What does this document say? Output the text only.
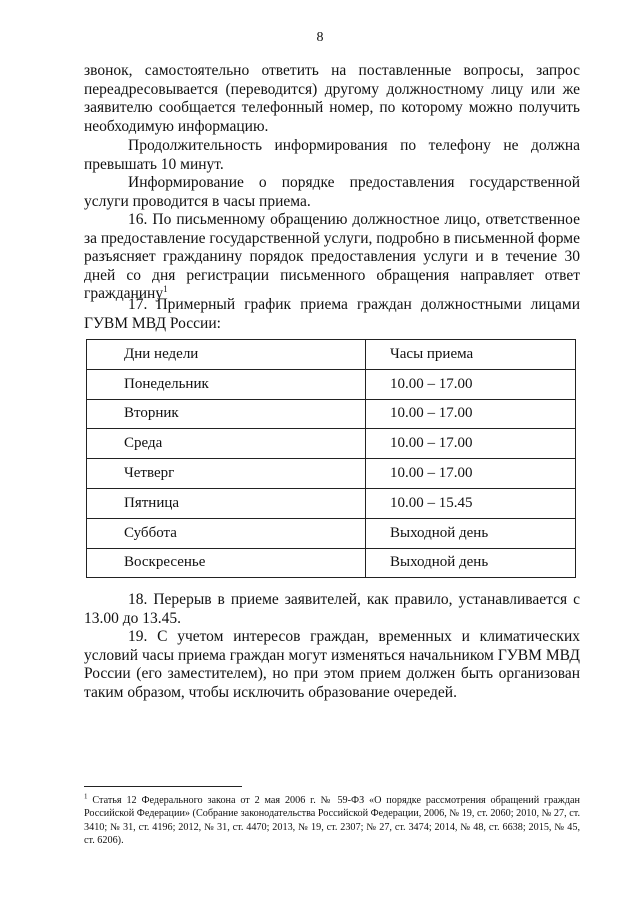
8

звонок, самостоятельно ответить на поставленные вопросы, запрос переадресовывается (переводится) другому должностному лицу или же заявителю сообщается телефонный номер, по которому можно получить необходимую информацию.

Продолжительность информирования по телефону не должна превышать 10 минут.

Информирование о порядке предоставления государственной услуги проводится в часы приема.

16. По письменному обращению должностное лицо, ответственное за предоставление государственной услуги, подробно в письменной форме разъясняет гражданину порядок предоставления услуги и в течение 30 дней со дня регистрации письменного обращения направляет ответ гражданину$^1$

17. Примерный график приема граждан должностными лицами ГУВМ МВД России:

Дни недели	Часы приема
Понедельник	10.00 – 17.00
Вторник	10.00 – 17.00
Среда	10.00 – 17.00
Четверг	10.00 – 17.00
Пятница	10.00 – 15.45
Суббота	Выходной день
Воскресенье	Выходной день

18. Перерыв в приеме заявителей, как правило, устанавливается с 13.00 до 13.45.

19. С учетом интересов граждан, временных и климатических условий часы приема граждан могут изменяться начальником ГУВМ МВД России (его заместителем), но при этом прием должен быть организован таким образом, чтобы исключить образование очередей.

$^1$ Статья 12 Федерального закона от 2 мая 2006 г. № 59-ФЗ «О порядке рассмотрения обращений граждан Российской Федерации» (Собрание законодательства Российской Федерации, 2006, № 19, ст. 2060; 2010, № 27, ст. 3410; № 31, ст. 4196; 2012, № 31, ст. 4470; 2013, № 19, ст. 2307; № 27, ст. 3474; 2014, № 48, ст. 6638; 2015, № 45, ст. 6206).
